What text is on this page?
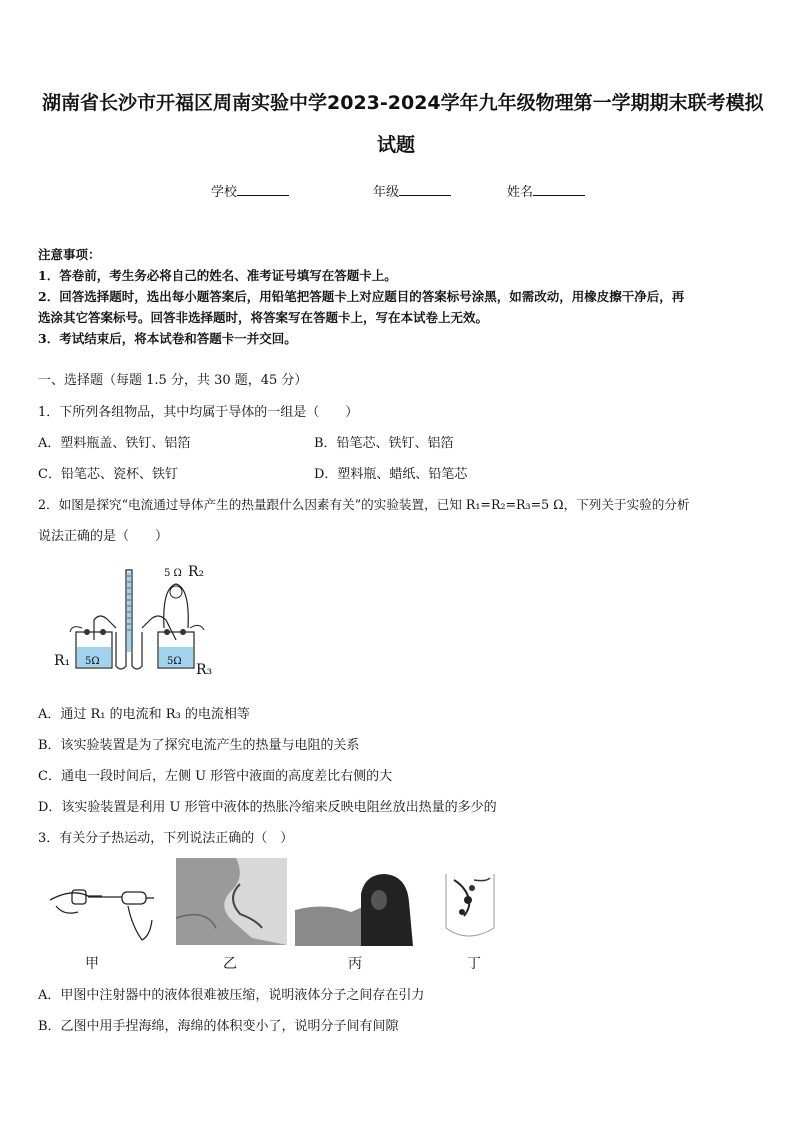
湖南省长沙市开福区周南实验中学2023-2024学年九年级物理第一学期期末联考模拟
试题
学校	年级	姓名
注意事项：
1．答卷前，考生务必将自己的姓名、准考证号填写在答题卡上。
2．回答选择题时，选出每小题答案后，用铅笔把答题卡上对应题目的答案标号涂黑，如需改动，用橡皮擦干净后，再
选涂其它答案标号。回答非选择题时，将答案写在答题卡上，写在本试卷上无效。
3．考试结束后，将本试卷和答题卡一并交回。
一、选择题（每题 1.5 分，共 30 题，45 分）
1．下所列各组物品，其中均属于导体的一组是（　　）
A．塑料瓶盖、铁钉、铝箔	B．铅笔芯、铁钉、铝箔
C．铅笔芯、瓷杯、铁钉	D．塑料瓶、蜡纸、铅笔芯
2．如图是探究“电流通过导体产生的热量跟什么因素有关”的实验装置，已知 R₁=R₂=R₃=5 Ω，下列关于实验的分析
说法正确的是（　　）
R₁
R₂
R₃
5 Ω
5Ω	5Ω
A．通过 R₁ 的电流和 R₃ 的电流相等
B．该实验装置是为了探究电流产生的热量与电阻的关系
C．通电一段时间后，左侧 U 形管中液面的高度差比右侧的大
D．该实验装置是利用 U 形管中液体的热胀冷缩来反映电阻丝放出热量的多少的
3．有关分子热运动，下列说法正确的（　）
甲	乙	丙	丁
A．甲图中注射器中的液体很难被压缩，说明液体分子之间存在引力
B．乙图中用手捏海绵，海绵的体积变小了，说明分子间有间隙
